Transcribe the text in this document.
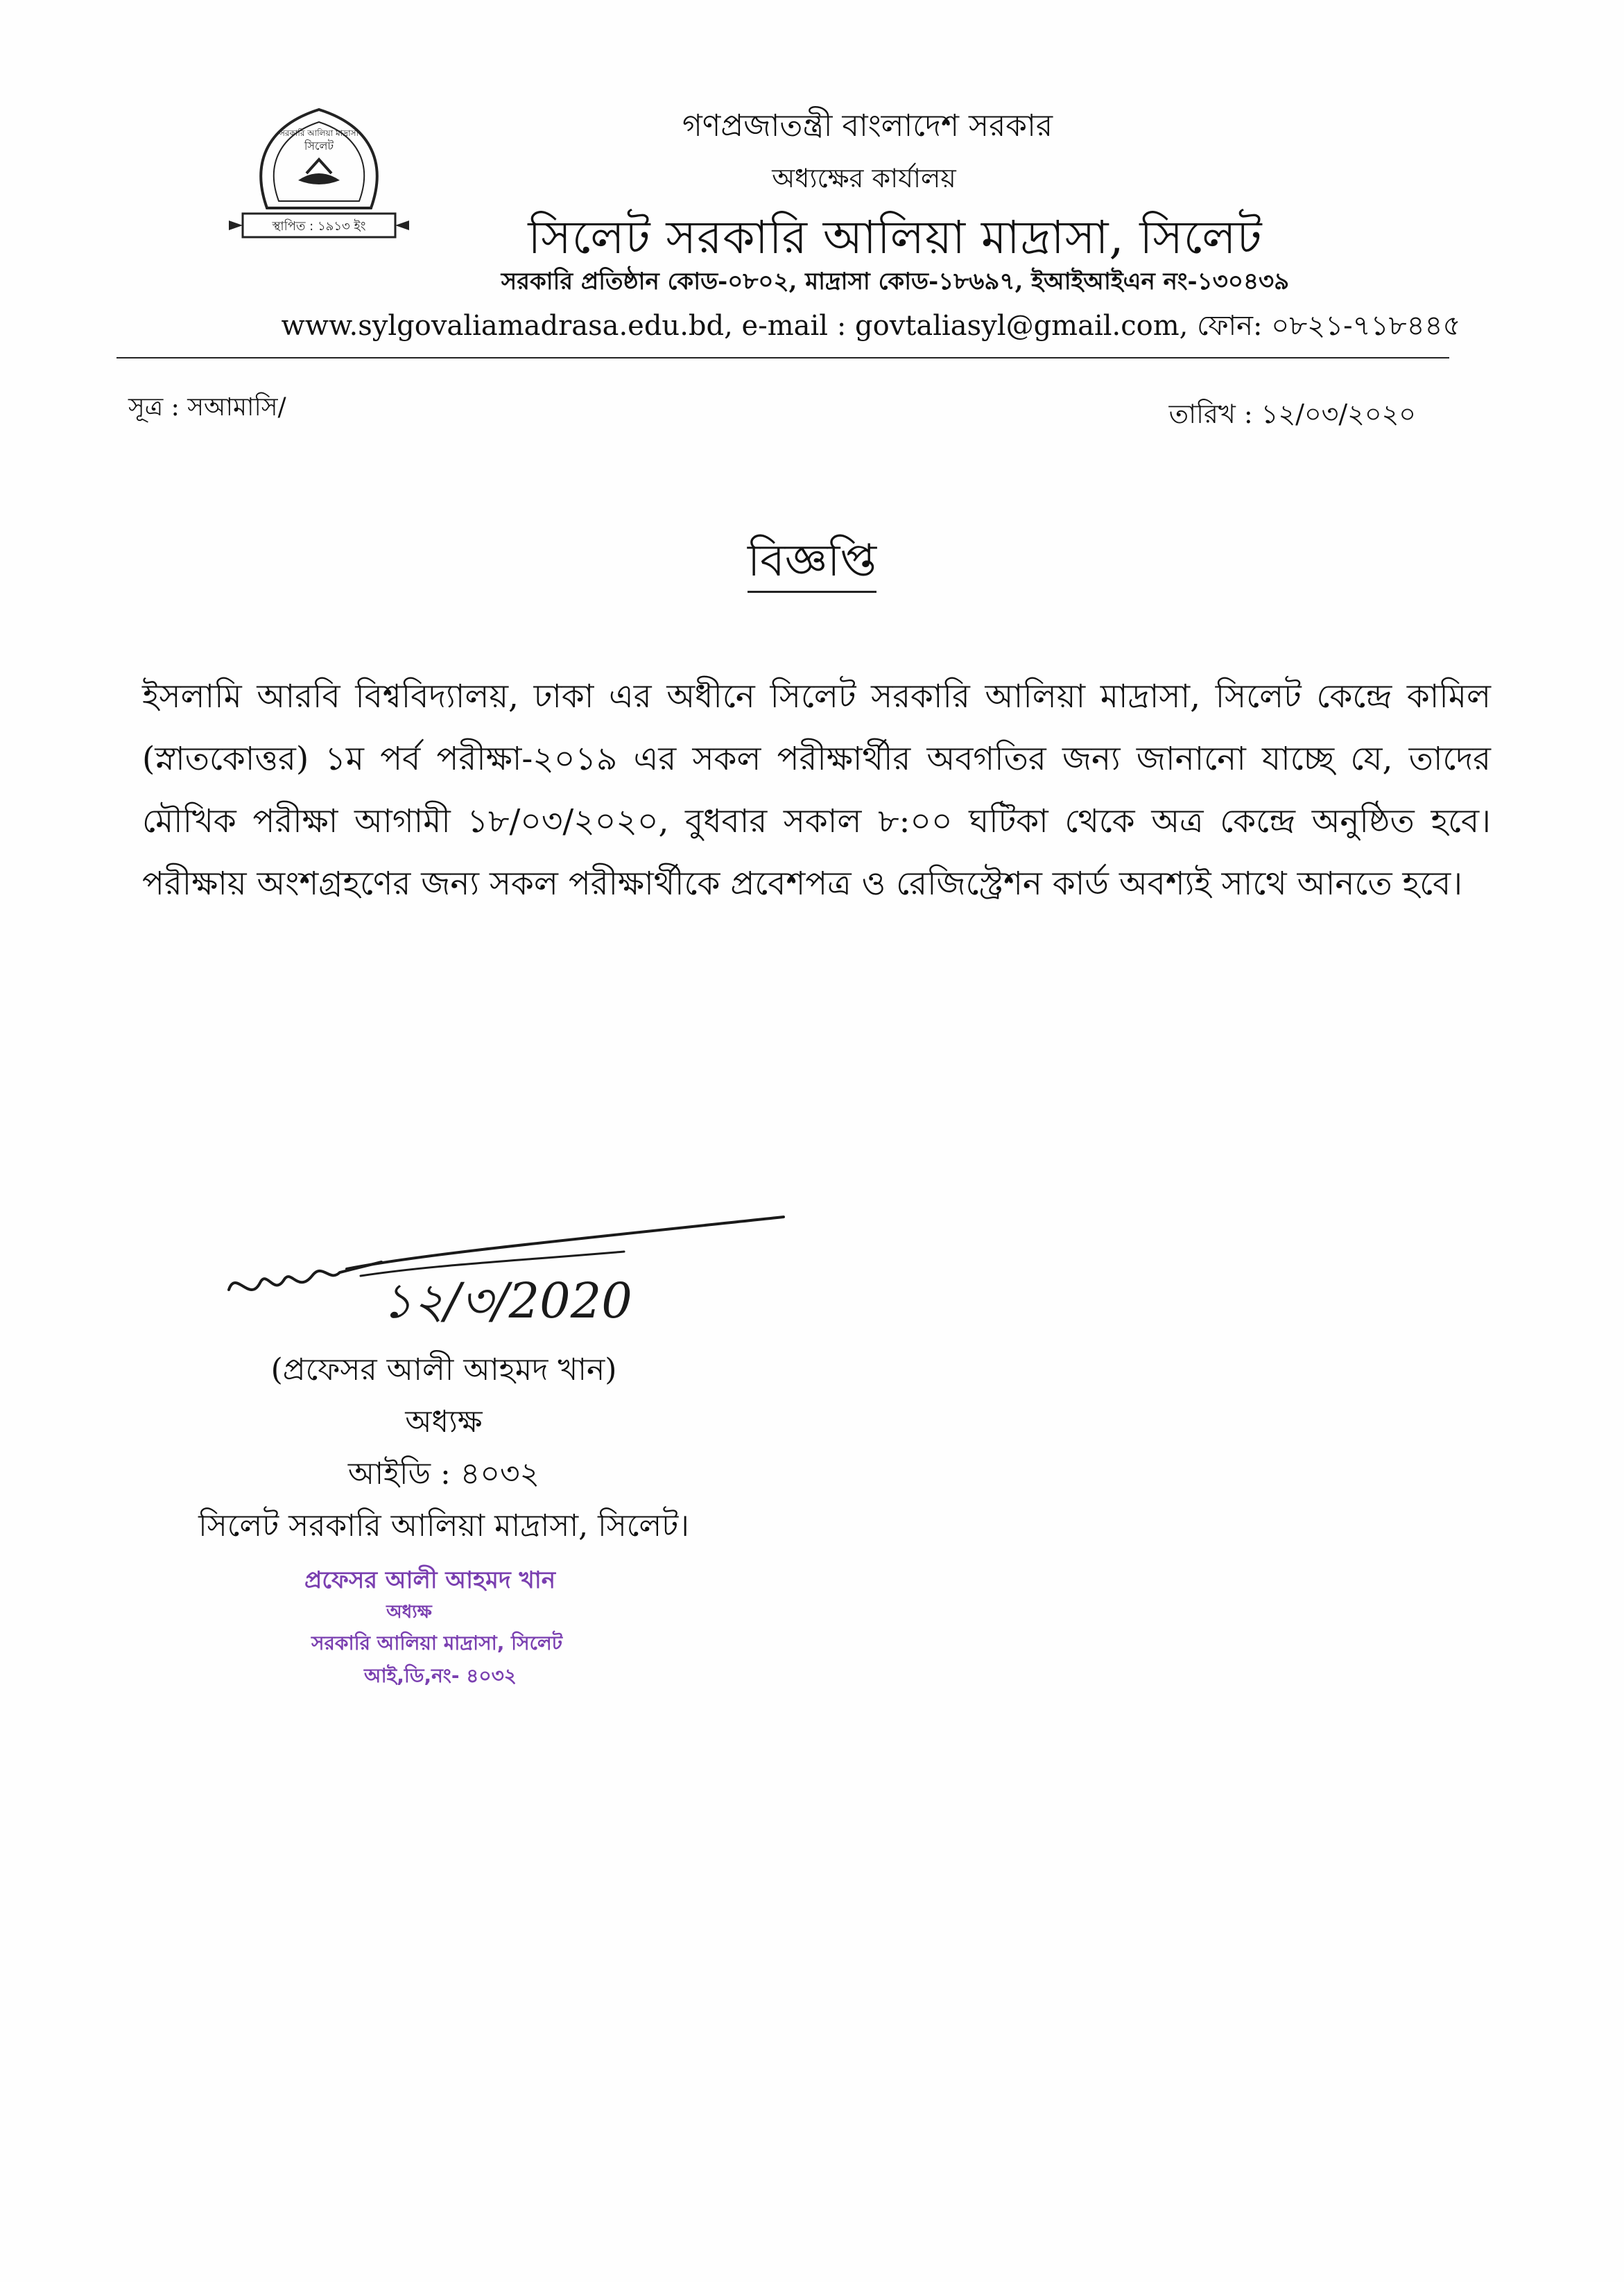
স্থাপিত : ১৯১৩ ইং
সিলেট
সরকারি আলিয়া মাদ্রাসা	গণপ্রজাতন্ত্রী বাংলাদেশ সরকার
অধ্যক্ষের কার্যালয়
সিলেট সরকারি আলিয়া মাদ্রাসা, সিলেট
সরকারি প্রতিষ্ঠান কোড-০৮০২, মাদ্রাসা কোড-১৮৬৯৭, ইআইআইএন নং-১৩০৪৩৯
www.sylgovaliamadrasa.edu.bd, e-mail : govtaliasyl@gmail.com, ফোন: ০৮২১-৭১৮৪৪৫
সূত্র : সআমাসি/	তারিখ : ১২/০৩/২০২০
বিজ্ঞপ্তি
ইসলামি আরবি বিশ্ববিদ্যালয়, ঢাকা এর অধীনে সিলেট সরকারি আলিয়া মাদ্রাসা, সিলেট কেন্দ্রে কামিল (স্নাতকোত্তর) ১ম পর্ব পরীক্ষা-২০১৯ এর সকল পরীক্ষার্থীর অবগতির জন্য জানানো যাচ্ছে যে, তাদের মৌখিক পরীক্ষা আগামী ১৮/০৩/২০২০, বুধবার সকাল ৮:০০ ঘটিকা থেকে অত্র কেন্দ্রে অনুষ্ঠিত হবে। পরীক্ষায় অংশগ্রহণের জন্য সকল পরীক্ষার্থীকে প্রবেশপত্র ও রেজিস্ট্রেশন কার্ড অবশ্যই সাথে আনতে হবে।
১২/৩/2020
(প্রফেসর আলী আহমদ খান)
অধ্যক্ষ
আইডি : ৪০৩২
সিলেট সরকারি আলিয়া মাদ্রাসা, সিলেট।
প্রফেসর আলী আহমদ খান
অধ্যক্ষ
সরকারি আলিয়া মাদ্রাসা, সিলেট
আই,ডি,নং- ৪০৩২
